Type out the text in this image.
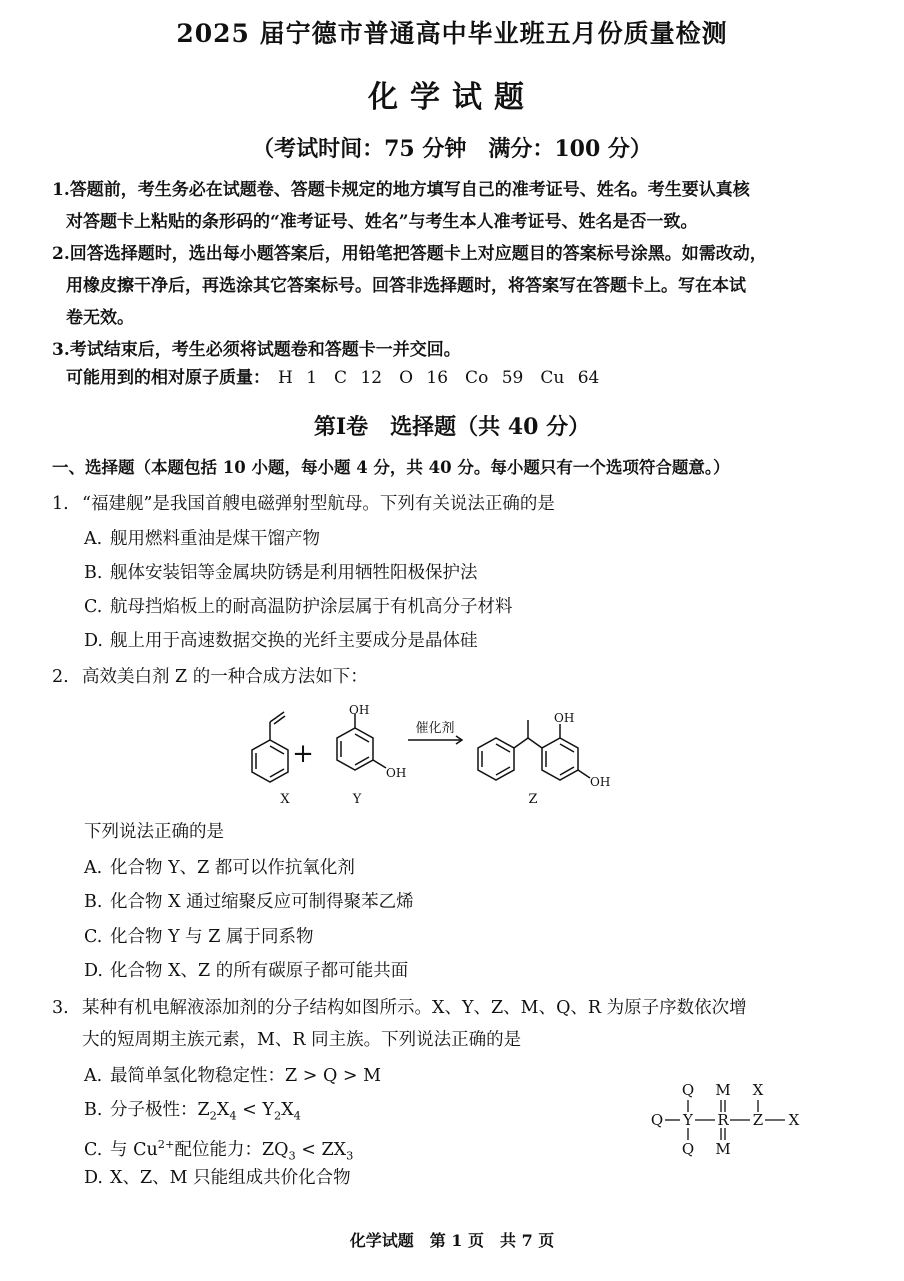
2025 届宁德市普通高中毕业班五月份质量检测
化学试题
（考试时间：75 分钟　满分：100 分）
1.答题前，考生务必在试题卷、答题卡规定的地方填写自己的准考证号、姓名。考生要认真核
对答题卡上粘贴的条形码的“准考证号、姓名”与考生本人准考证号、姓名是否一致。
2.回答选择题时，选出每小题答案后，用铅笔把答题卡上对应题目的答案标号涂黑。如需改动，
用橡皮擦干净后，再选涂其它答案标号。回答非选择题时，将答案写在答题卡上。写在本试
卷无效。
3.考试结束后，考生必须将试题卷和答题卡一并交回。
可能用到的相对原子质量： H 1　C 12　O 16　Co 59　Cu 64
第Ⅰ卷　选择题（共 40 分）
一、选择题（本题包括 10 小题，每小题 4 分，共 40 分。每小题只有一个选项符合题意。）
1. “福建舰”是我国首艘电磁弹射型航母。下列有关说法正确的是
A. 舰用燃料重油是煤干馏产物
B. 舰体安装铝等金属块防锈是利用牺牲阳极保护法
C. 航母挡焰板上的耐高温防护涂层属于有机高分子材料
D. 舰上用于高速数据交换的光纤主要成分是晶体硅
2. 高效美白剂 Z 的一种合成方法如下：
+
OH
OH
催化剂
OH
OH
X	Y	Z
下列说法正确的是
A. 化合物 Y、Z 都可以作抗氧化剂
B. 化合物 X 通过缩聚反应可制得聚苯乙烯
C. 化合物 Y 与 Z 属于同系物
D. 化合物 X、Z 的所有碳原子都可能共面
3. 某种有机电解液添加剂的分子结构如图所示。X、Y、Z、M、Q、R 为原子序数依次增
大的短周期主族元素，M、R 同主族。下列说法正确的是
A. 最简单氢化物稳定性：Z > Q > M
B. 分子极性：$Z_2X_4 < Y_2X_4$
C. 与 $Cu^{2+}$配位能力：$ZQ_3 < ZX_3$
D. X、Z、M 只能组成共价化合物
Q M X
Q Y R Z X
Q M
化学试题　第 1 页　共 7 页
